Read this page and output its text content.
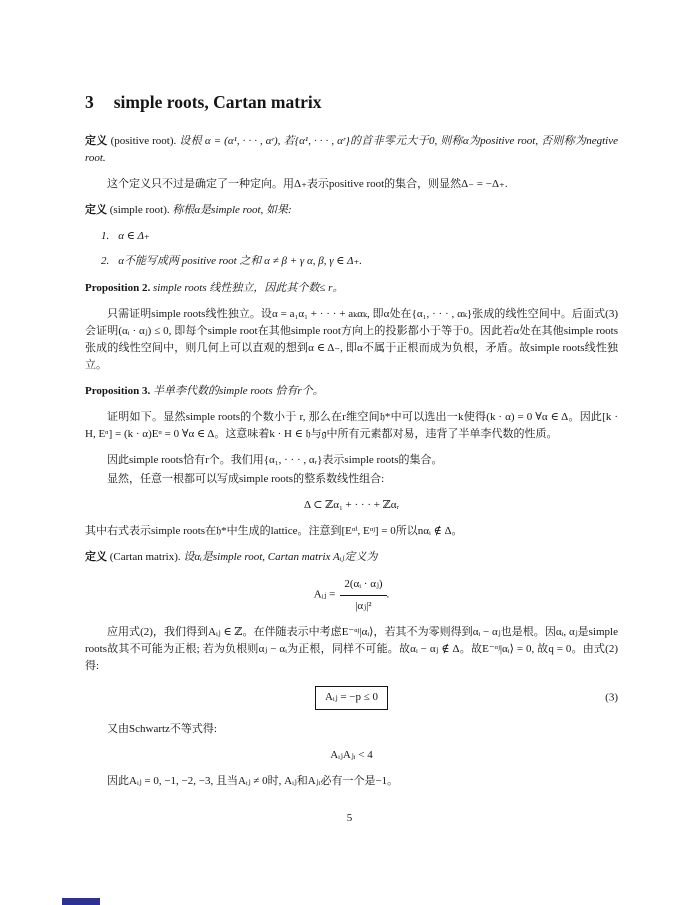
3 simple roots, Cartan matrix

定义 (positive root). 设根 α = (α¹, · · · , αʳ), 若{α¹, · · · , αʳ}的首非零元大于0, 则称α为positive root, 否则称为negtive root.

这个定义只不过是确定了一种定向。用Δ₊表示positive root的集合，则显然Δ₋ = −Δ₊.

定义 (simple root). 称根α是simple root, 如果:

1. α ∈ Δ₊
2. α不能写成两 positive root 之和 α ≠ β + γ α, β, γ ∈ Δ₊.

Proposition 2. simple roots 线性独立，因此其个数≤ r。

只需证明simple roots线性独立。设α = a₁α₁ + · · · + aₖαₖ, 即α处在{α₁, · · · , αₖ}张成的线性空间中。后面式(3)会证明(αᵢ · αⱼ) ≤ 0, 即每个simple root在其他simple root方向上的投影都小于等于0。因此若α处在其他simple roots张成的线性空间中，则几何上可以直观的想到α ∈ Δ₋, 即α不属于正根而成为负根，矛盾。故simple roots线性独立。

Proposition 3. 半单李代数的simple roots 恰有r个。

证明如下。显然simple roots的个数小于 r, 那么在r维空间𝔥*中可以选出一k使得(k · α) = 0 ∀α ∈ Δ。因此[k · H, Eᵅ] = (k · α)Eᵅ = 0 ∀α ∈ Δ。这意味着k · H ∈ 𝔥与𝔤中所有元素都对易，违背了半单李代数的性质。

因此simple roots恰有r个。我们用{α₁, · · · , αᵣ}表示simple roots的集合。

显然，任意一根都可以写成simple roots的整系数线性组合:

Δ ⊂ ℤα₁ + · · · + ℤαᵣ

其中右式表示simple roots在𝔥*中生成的lattice。注意到[Eᵅⁱ, Eᵅʲ] = 0所以nαᵢ ∉ Δ。

定义 (Cartan matrix). 设αᵢ是simple root, Cartan matrix Aᵢⱼ定义为

Aᵢⱼ = $\frac{\text{2(αᵢ · αⱼ)}}{\text{|αⱼ|²}}$ .

应用式(2)，我们得到Aᵢⱼ ∈ ℤ。在伴随表示中考虑E⁻ᵅʲ|αᵢ⟩，若其不为零则得到αᵢ − αⱼ也是根。因αᵢ, αⱼ是simple roots故其不可能为正根; 若为负根则αⱼ − αᵢ为正根，同样不可能。故αᵢ − αⱼ ∉ Δ。故E⁻ᵅʲ|αᵢ⟩ = 0, 故q = 0。由式(2)得:

Aᵢⱼ = −p ≤ 0	(3)

又由Schwartz不等式得:

AᵢⱼAⱼᵢ < 4

因此Aᵢⱼ = 0, −1, −2, −3, 且当Aᵢⱼ ≠ 0时, Aᵢⱼ和Aⱼᵢ必有一个是−1。

5
